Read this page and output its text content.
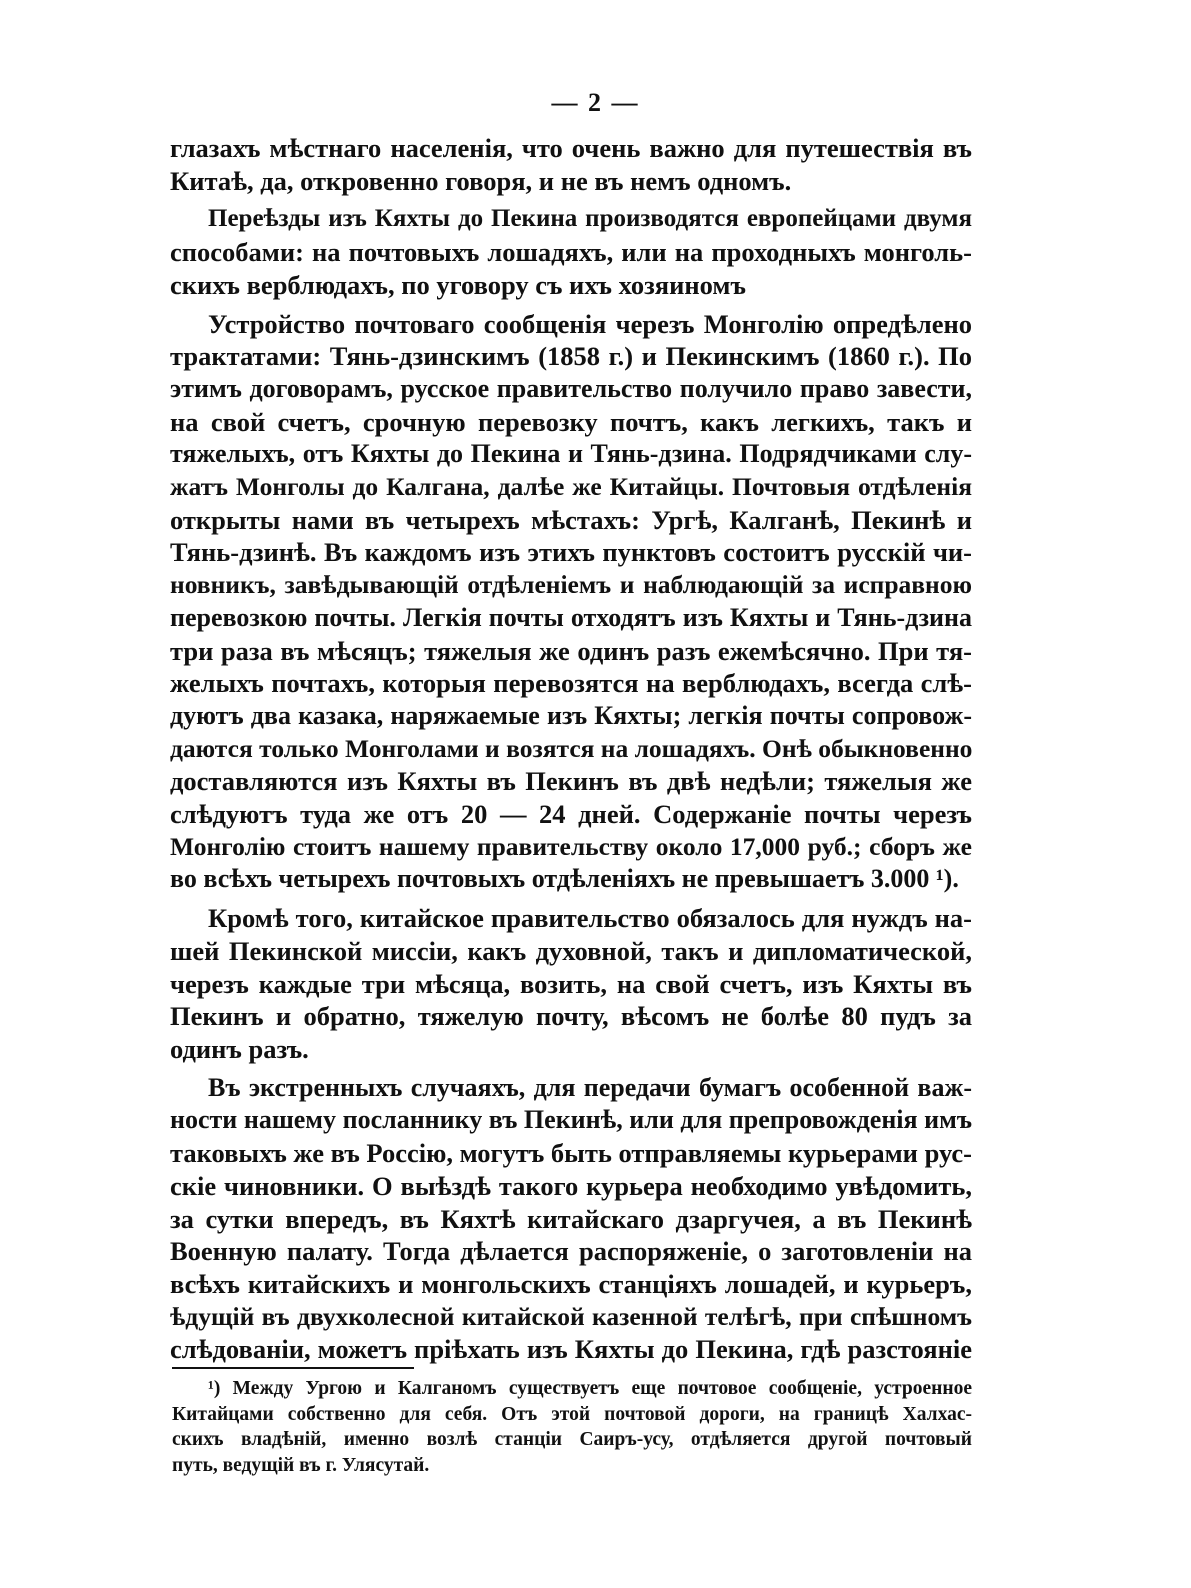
— 2 —
глазахъ мѣстнаго населенія, что очень важно для путешествія въ
Китаѣ, да, откровенно говоря, и не въ немъ одномъ.
Переѣзды изъ Кяхты до Пекина производятся европейцами двумя
способами: на почтовыхъ лошадяхъ, или на проходныхъ монголь-
скихъ верблюдахъ, по уговору съ ихъ хозяиномъ
Устройство почтоваго сообщенія черезъ Монголію опредѣлено
трактатами: Тянь-дзинскимъ (1858 г.) и Пекинскимъ (1860 г.). По
этимъ договорамъ, русское правительство получило право завести,
на свой счетъ, срочную перевозку почтъ, какъ легкихъ, такъ и
тяжелыхъ, отъ Кяхты до Пекина и Тянь-дзина. Подрядчиками слу-
жатъ Монголы до Калгана, далѣе же Китайцы. Почтовыя отдѣленія
открыты нами въ четырехъ мѣстахъ: Ургѣ, Калганѣ, Пекинѣ и
Тянь-дзинѣ. Въ каждомъ изъ этихъ пунктовъ состоитъ русскій чи-
новникъ, завѣдывающій отдѣленіемъ и наблюдающій за исправною
перевозкою почты. Легкія почты отходятъ изъ Кяхты и Тянь-дзина
три раза въ мѣсяцъ; тяжелыя же одинъ разъ ежемѣсячно. При тя-
желыхъ почтахъ, которыя перевозятся на верблюдахъ, всегда слѣ-
дуютъ два казака, наряжаемые изъ Кяхты; легкія почты сопровож-
даются только Монголами и возятся на лошадяхъ. Онѣ обыкновенно
доставляются изъ Кяхты въ Пекинъ въ двѣ недѣли; тяжелыя же
слѣдуютъ туда же отъ 20 — 24 дней. Содержаніе почты черезъ
Монголію стоитъ нашему правительству около 17,000 руб.; сборъ же
во всѣхъ четырехъ почтовыхъ отдѣленіяхъ не превышаетъ 3.000 ¹).
Кромѣ того, китайское правительство обязалось для нуждъ на-
шей Пекинской миссіи, какъ духовной, такъ и дипломатической,
черезъ каждые три мѣсяца, возить, на свой счетъ, изъ Кяхты въ
Пекинъ и обратно, тяжелую почту, вѣсомъ не болѣе 80 пудъ за
одинъ разъ.
Въ экстренныхъ случаяхъ, для передачи бумагъ особенной важ-
ности нашему посланнику въ Пекинѣ, или для препровожденія имъ
таковыхъ же въ Россію, могутъ быть отправляемы курьерами рус-
скіе чиновники. О выѣздѣ такого курьера необходимо увѣдомить,
за сутки впередъ, въ Кяхтѣ китайскаго дзаргучея, а въ Пекинѣ
Военную палату. Тогда дѣлается распоряженіе, о заготовленіи на
всѣхъ китайскихъ и монгольскихъ станціяхъ лошадей, и курьеръ,
ѣдущій въ двухколесной китайской казенной телѣгѣ, при спѣшномъ
слѣдованіи, можетъ пріѣхать изъ Кяхты до Пекина, гдѣ разстояніе
¹) Между Ургою и Калганомъ существуетъ еще почтовое сообщеніе, устроенное
Китайцами собственно для себя. Отъ этой почтовой дороги, на границѣ Халхас-
скихъ владѣній, именно возлѣ станціи Саиръ-усу, отдѣляется другой почтовый
путь, ведущій въ г. Улясутай.
